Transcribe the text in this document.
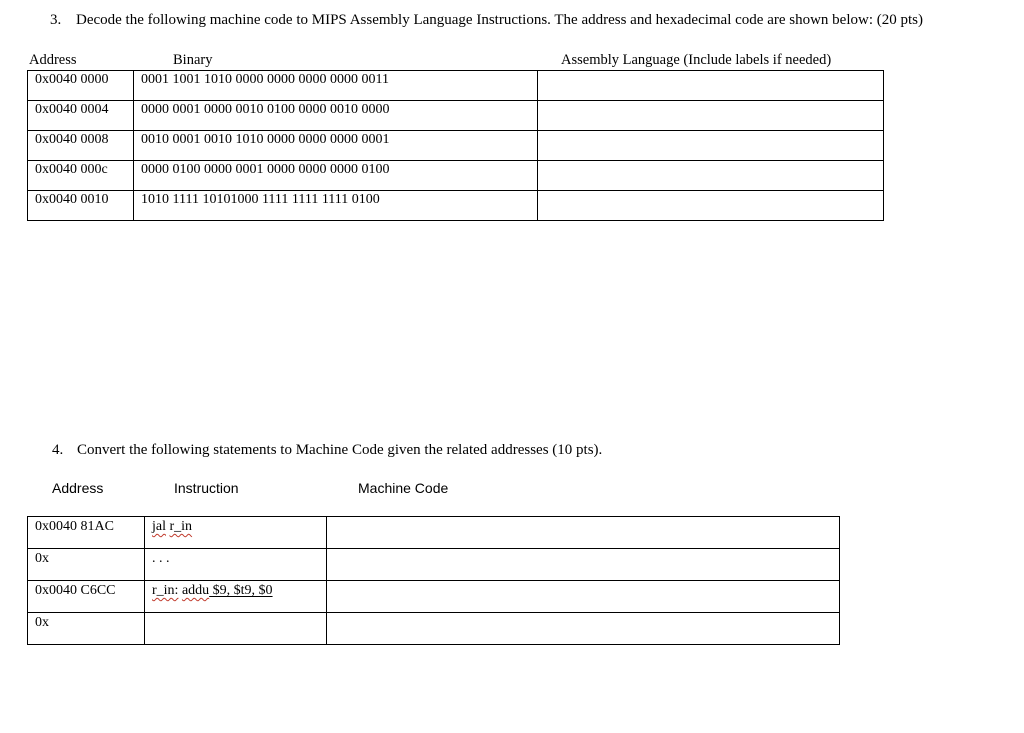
3. Decode the following machine code to MIPS Assembly Language Instructions. The address and hexadecimal code are shown below: (20 pts)
Address	Binary	Assembly Language (Include labels if needed)
0x0040 0000	0001 1001 1010 0000 0000 0000 0000 0011	
0x0040 0004	0000 0001 0000 0010 0100 0000 0010 0000	
0x0040 0008	0010 0001 0010 1010 0000 0000 0000 0001	
0x0040 000c	0000 0100 0000 0001 0000 0000 0000 0100	
0x0040 0010	1010 1111 10101000 1111 1111 1111 0100	
4. Convert the following statements to Machine Code given the related addresses (10 pts).
Address	Instruction	Machine Code
0x0040 81AC	jal r_in	
0x	. . .	
0x0040 C6CC	r_in: addu $9, $t9, $0	
0x		
